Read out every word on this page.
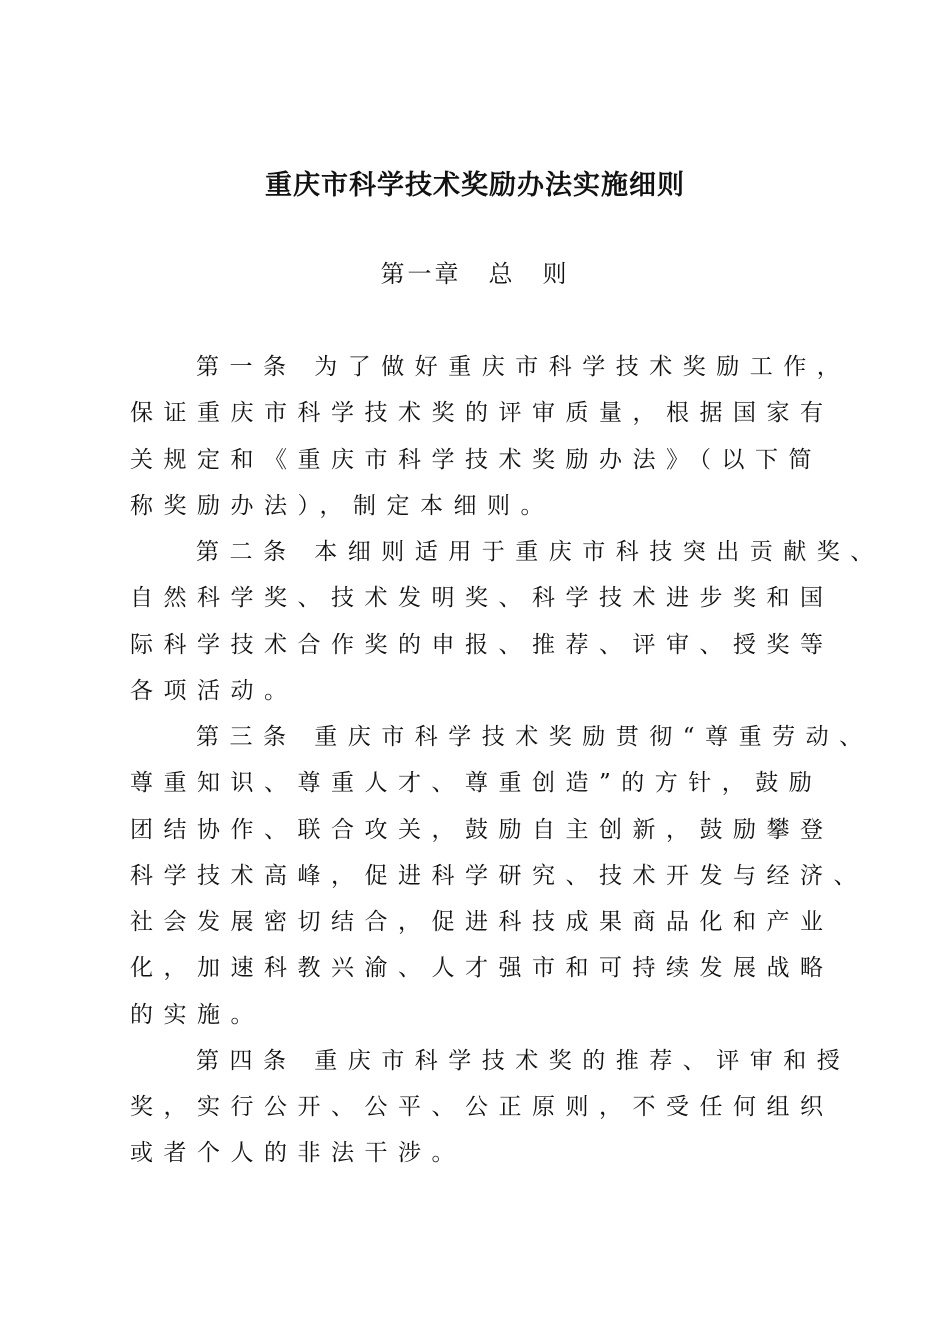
重庆市科学技术奖励办法实施细则
第一章　总　则
第一条 为了做好重庆市科学技术奖励工作，
保证重庆市科学技术奖的评审质量，根据国家有
关规定和《重庆市科学技术奖励办法》（以下简
称奖励办法），制定本细则。
第二条 本细则适用于重庆市科技突出贡献奖、
自然科学奖、技术发明奖、科学技术进步奖和国
际科学技术合作奖的申报、推荐、评审、授奖等
各项活动。
第三条 重庆市科学技术奖励贯彻“尊重劳动、
尊重知识、尊重人才、尊重创造”的方针，鼓励
团结协作、联合攻关，鼓励自主创新，鼓励攀登
科学技术高峰，促进科学研究、技术开发与经济、
社会发展密切结合，促进科技成果商品化和产业
化，加速科教兴渝、人才强市和可持续发展战略
的实施。
第四条 重庆市科学技术奖的推荐、评审和授
奖，实行公开、公平、公正原则，不受任何组织
或者个人的非法干涉。
